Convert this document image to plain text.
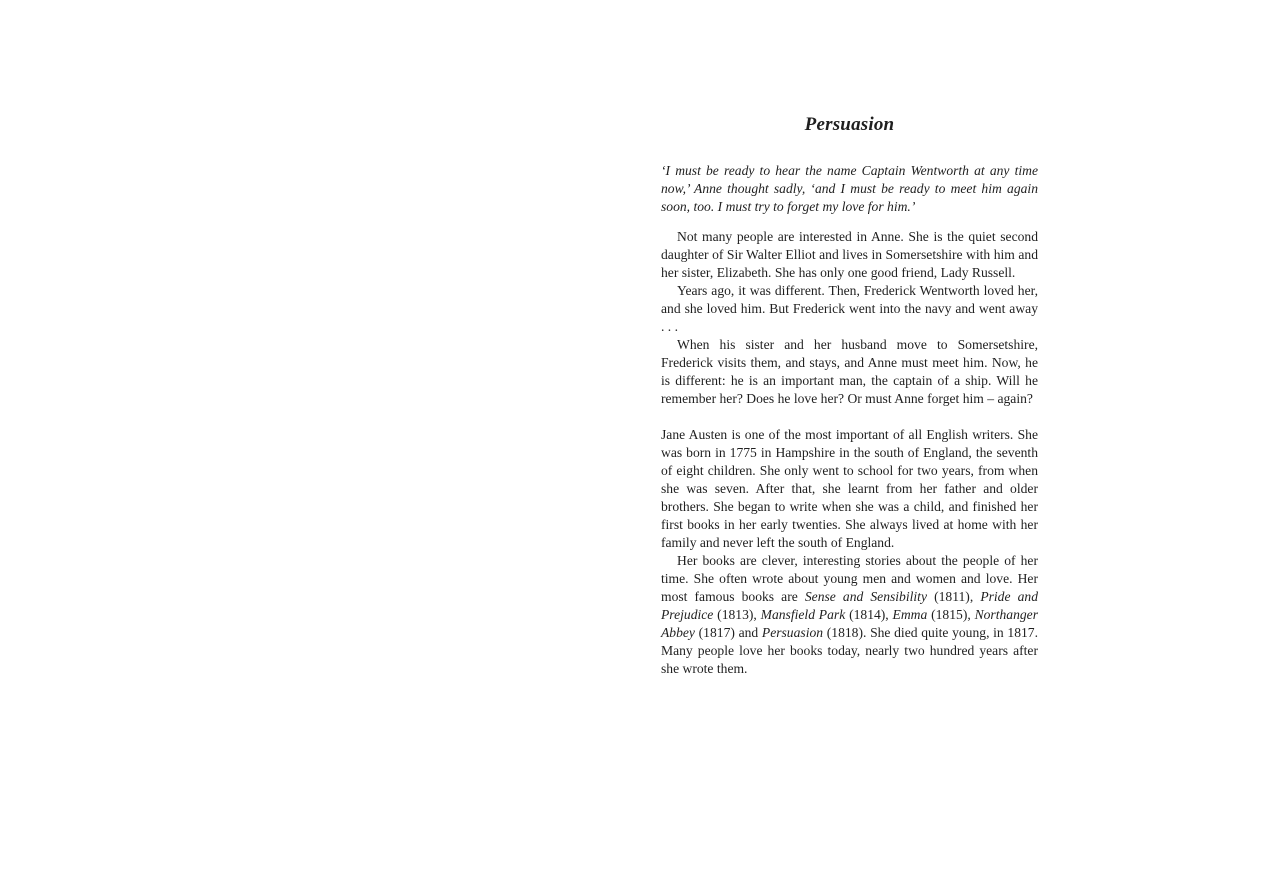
Persuasion

‘I must be ready to hear the name Captain Wentworth at any time now,’ Anne thought sadly, ‘and I must be ready to meet him again soon, too. I must try to forget my love for him.’

Not many people are interested in Anne. She is the quiet second daughter of Sir Walter Elliot and lives in Somersetshire with him and her sister, Elizabeth. She has only one good friend, Lady Russell.

Years ago, it was different. Then, Frederick Wentworth loved her, and she loved him. But Frederick went into the navy and went away . . .

When his sister and her husband move to Somersetshire, Frederick visits them, and stays, and Anne must meet him. Now, he is different: he is an important man, the captain of a ship. Will he remember her? Does he love her? Or must Anne forget him – again?

Jane Austen is one of the most important of all English writers. She was born in 1775 in Hampshire in the south of England, the seventh of eight children. She only went to school for two years, from when she was seven. After that, she learnt from her father and older brothers. She began to write when she was a child, and finished her first books in her early twenties. She always lived at home with her family and never left the south of England.

Her books are clever, interesting stories about the people of her time. She often wrote about young men and women and love. Her most famous books are Sense and Sensibility (1811), Pride and Prejudice (1813), Mansfield Park (1814), Emma (1815), Northanger Abbey (1817) and Persuasion (1818). She died quite young, in 1817. Many people love her books today, nearly two hundred years after she wrote them.
